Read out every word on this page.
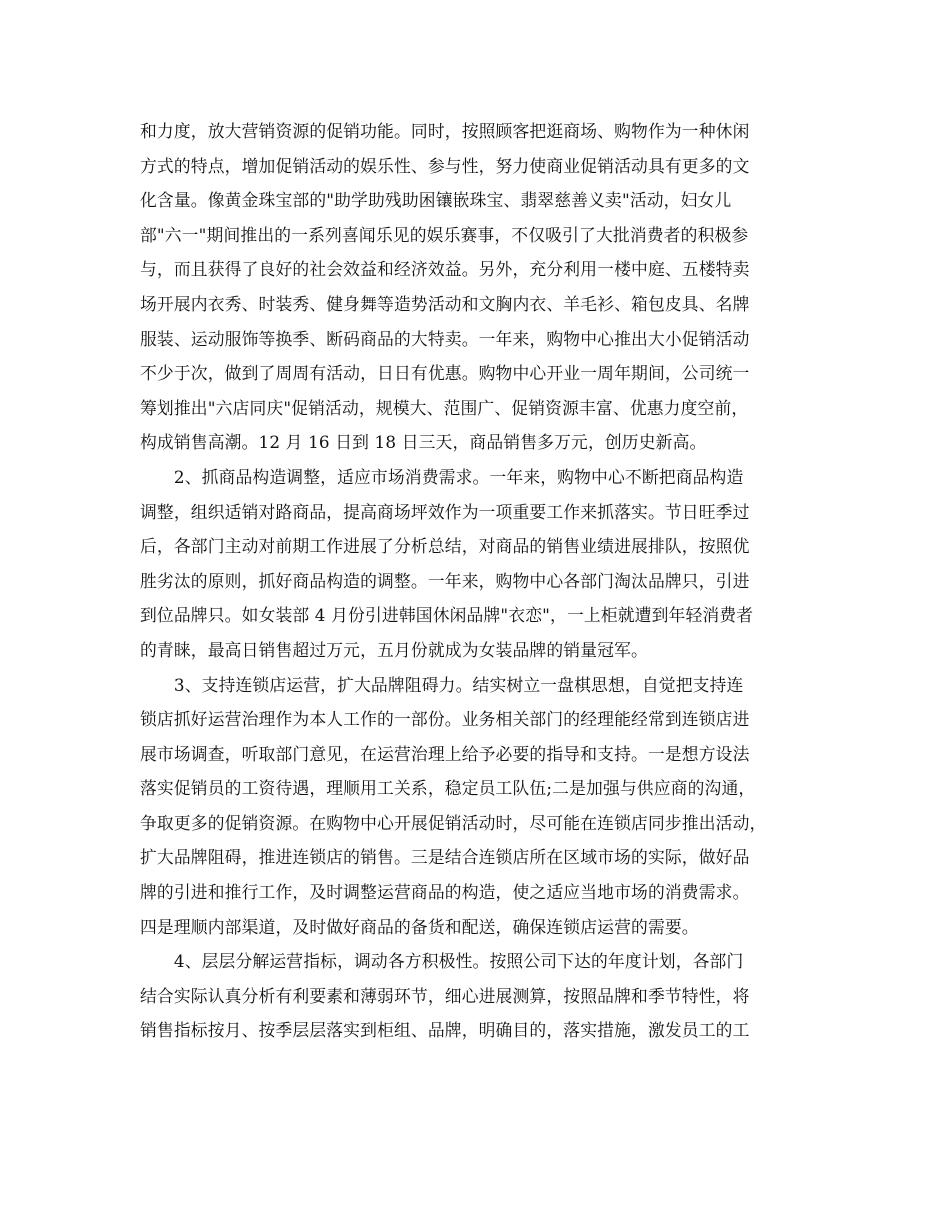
和力度，放大营销资源的促销功能。同时，按照顾客把逛商场、购物作为一种休闲
方式的特点，增加促销活动的娱乐性、参与性，努力使商业促销活动具有更多的文
化含量。像黄金珠宝部的"助学助残助困镶嵌珠宝、翡翠慈善义卖"活动，妇女儿
部"六一"期间推出的一系列喜闻乐见的娱乐赛事，不仅吸引了大批消费者的积极参
与，而且获得了良好的社会效益和经济效益。另外，充分利用一楼中庭、五楼特卖
场开展内衣秀、时装秀、健身舞等造势活动和文胸内衣、羊毛衫、箱包皮具、名牌
服装、运动服饰等换季、断码商品的大特卖。一年来，购物中心推出大小促销活动
不少于次，做到了周周有活动，日日有优惠。购物中心开业一周年期间，公司统一
筹划推出"六店同庆"促销活动，规模大、范围广、促销资源丰富、优惠力度空前，
构成销售高潮。12 月 16 日到 18 日三天，商品销售多万元，创历史新高。
　　2、抓商品构造调整，适应市场消费需求。一年来，购物中心不断把商品构造
调整，组织适销对路商品，提高商场坪效作为一项重要工作来抓落实。节日旺季过
后，各部门主动对前期工作进展了分析总结，对商品的销售业绩进展排队，按照优
胜劣汰的原则，抓好商品构造的调整。一年来，购物中心各部门淘汰品牌只，引进
到位品牌只。如女装部 4 月份引进韩国休闲品牌"衣恋"，一上柜就遭到年轻消费者
的青睐，最高日销售超过万元，五月份就成为女装品牌的销量冠军。
　　3、支持连锁店运营，扩大品牌阻碍力。结实树立一盘棋思想，自觉把支持连
锁店抓好运营治理作为本人工作的一部份。业务相关部门的经理能经常到连锁店进
展市场调查，听取部门意见，在运营治理上给予必要的指导和支持。一是想方设法
落实促销员的工资待遇，理顺用工关系，稳定员工队伍;二是加强与供应商的沟通，
争取更多的促销资源。在购物中心开展促销活动时，尽可能在连锁店同步推出活动，
扩大品牌阻碍，推进连锁店的销售。三是结合连锁店所在区域市场的实际，做好品
牌的引进和推行工作，及时调整运营商品的构造，使之适应当地市场的消费需求。
四是理顺内部渠道，及时做好商品的备货和配送，确保连锁店运营的需要。
　　4、层层分解运营指标，调动各方积极性。按照公司下达的年度计划，各部门
结合实际认真分析有利要素和薄弱环节，细心进展测算，按照品牌和季节特性，将
销售指标按月、按季层层落实到柜组、品牌，明确目的，落实措施，激发员工的工
